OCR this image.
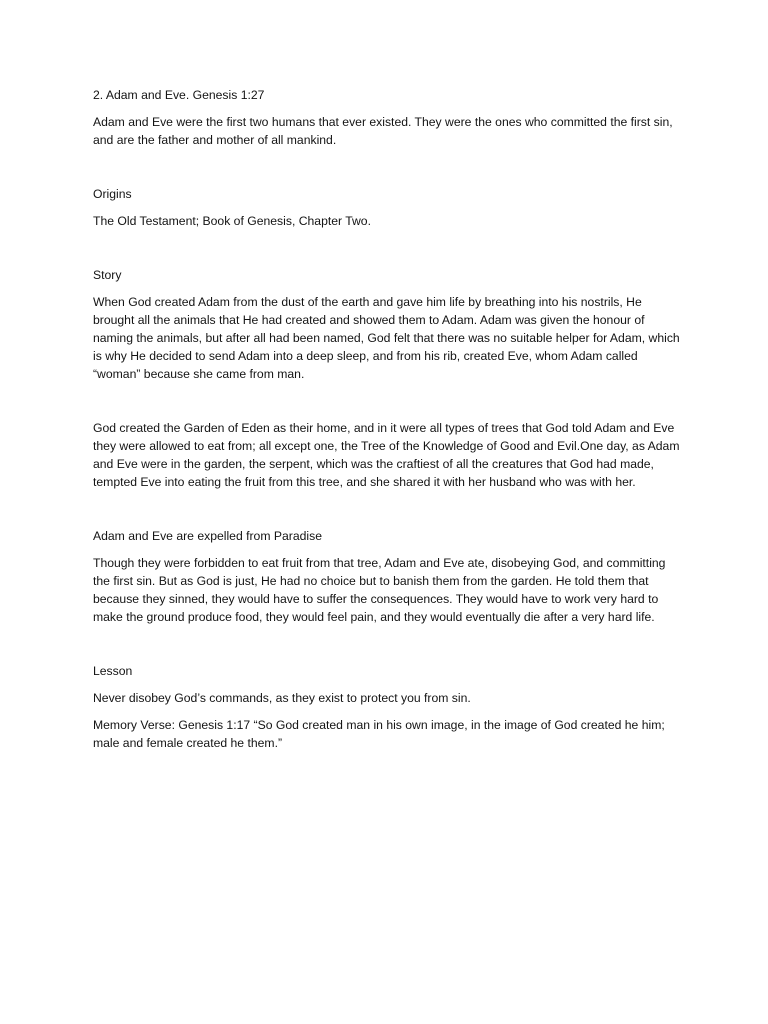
2. Adam and Eve. Genesis 1:27

Adam and Eve were the first two humans that ever existed. They were the ones who committed the first sin, and are the father and mother of all mankind.

Origins

The Old Testament; Book of Genesis, Chapter Two.

Story

When God created Adam from the dust of the earth and gave him life by breathing into his nostrils, He brought all the animals that He had created and showed them to Adam. Adam was given the honour of naming the animals, but after all had been named, God felt that there was no suitable helper for Adam, which is why He decided to send Adam into a deep sleep, and from his rib, created Eve, whom Adam called “woman” because she came from man.

God created the Garden of Eden as their home, and in it were all types of trees that God told Adam and Eve they were allowed to eat from; all except one, the Tree of the Knowledge of Good and Evil.One day, as Adam and Eve were in the garden, the serpent, which was the craftiest of all the creatures that God had made, tempted Eve into eating the fruit from this tree, and she shared it with her husband who was with her.

Adam and Eve are expelled from Paradise

Though they were forbidden to eat fruit from that tree, Adam and Eve ate, disobeying God, and committing the first sin. But as God is just, He had no choice but to banish them from the garden. He told them that because they sinned, they would have to suffer the consequences. They would have to work very hard to make the ground produce food, they would feel pain, and they would eventually die after a very hard life.

Lesson

Never disobey God’s commands, as they exist to protect you from sin.

Memory Verse: Genesis 1:17 “So God created man in his own image, in the image of God created he him; male and female created he them.”
